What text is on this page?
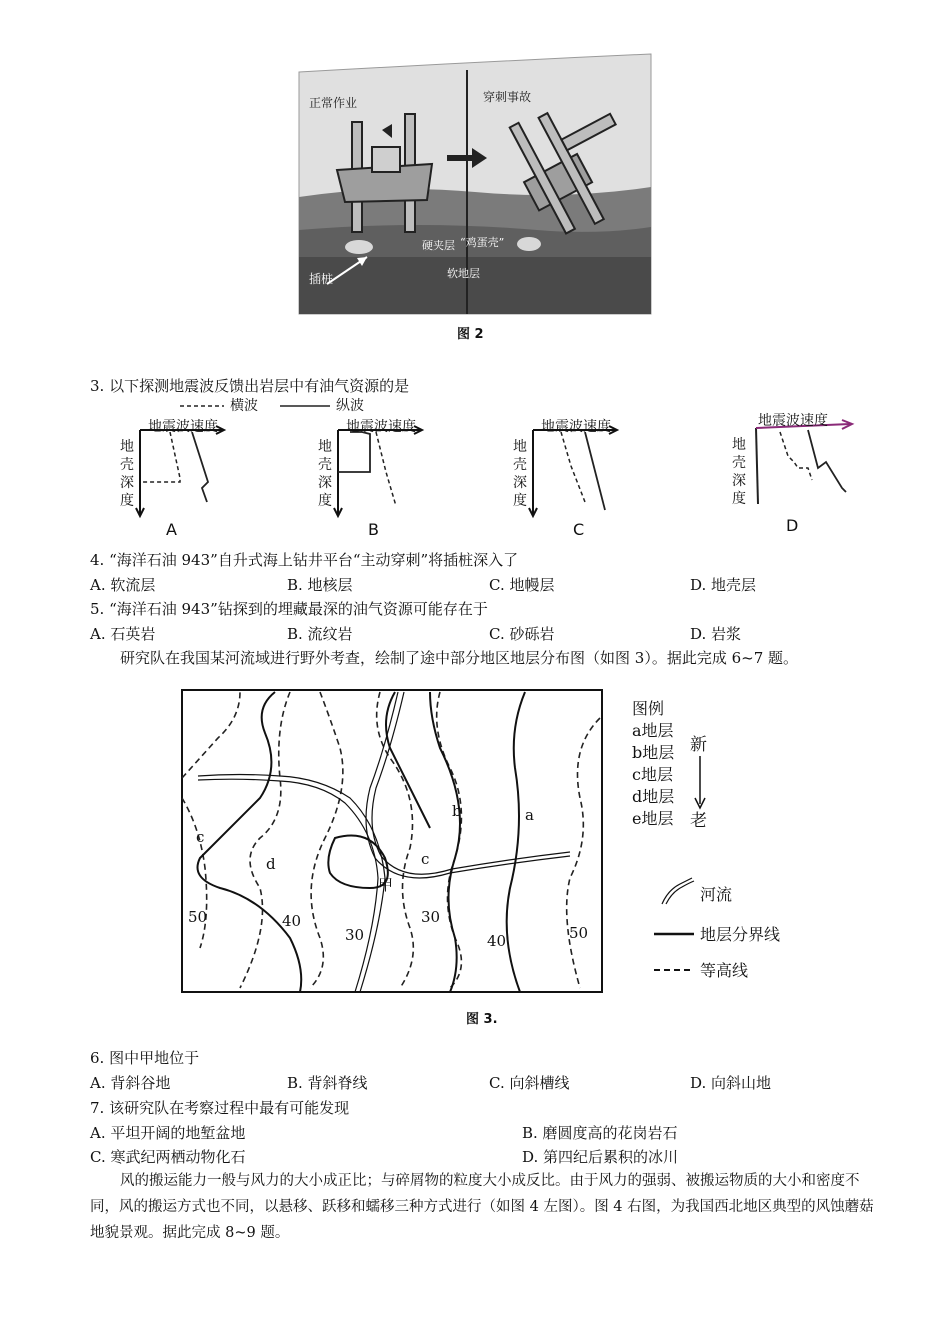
正常作业	穿刺事故
硬夹层 “鸡蛋壳”
软地层
插桩
图 2
3. 以下探测地震波反馈出岩层中有油气资源的是
横波	纵波
地震波速度
地壳深度
A
地震波速度
地壳深度
B
地震波速度
地壳深度
C
地震波速度
地壳深度
D
4. “海洋石油 943”自升式海上钻井平台“主动穿刺”将插桩深入了
A. 软流层	B. 地核层	C. 地幔层	D. 地壳层
5. “海洋石油 943”钻探到的埋藏最深的油气资源可能存在于
A. 石英岩	B. 流纹岩	C. 砂砾岩	D. 岩浆
研究队在我国某河流域进行野外考查，绘制了途中部分地区地层分布图（如图 3）。据此完成 6~7 题。
c
d
甲
c
b	a
50	40
30
30
40	50
图例
a地层
b地层
c地层
d地层
e地层
新
老
河流
地层分界线
等高线
图 3.
6. 图中甲地位于
A. 背斜谷地	B. 背斜脊线	C. 向斜槽线	D. 向斜山地
7. 该研究队在考察过程中最有可能发现
A. 平坦开阔的地堑盆地	B. 磨圆度高的花岗岩石
C. 寒武纪两栖动物化石	D. 第四纪后累积的冰川
风的搬运能力一般与风力的大小成正比；与碎屑物的粒度大小成反比。由于风力的强弱、被搬运物质的大小和密度不同，风的搬运方式也不同，以悬移、跃移和蠕移三种方式进行（如图 4 左图）。图 4 右图，为我国西北地区典型的风蚀蘑菇地貌景观。据此完成 8~9 题。
